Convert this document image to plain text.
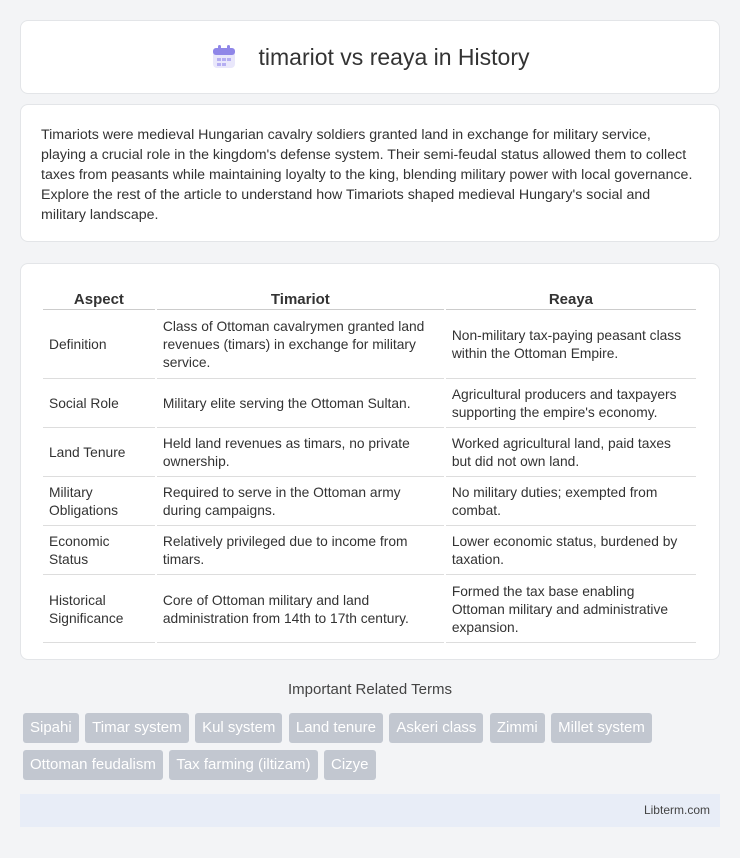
timariot vs reaya in History

Timariots were medieval Hungarian cavalry soldiers granted land in exchange for military service, playing a crucial role in the kingdom's defense system. Their semi-feudal status allowed them to collect taxes from peasants while maintaining loyalty to the king, blending military power with local governance. Explore the rest of the article to understand how Timariots shaped medieval Hungary's social and military landscape.

Aspect	Timariot	Reaya
Definition	Class of Ottoman cavalrymen granted land revenues (timars) in exchange for military service.	Non-military tax-paying peasant class within the Ottoman Empire.
Social Role	Military elite serving the Ottoman Sultan.	Agricultural producers and taxpayers supporting the empire's economy.
Land Tenure	Held land revenues as timars, no private ownership.	Worked agricultural land, paid taxes but did not own land.
Military Obligations	Required to serve in the Ottoman army during campaigns.	No military duties; exempted from combat.
Economic Status	Relatively privileged due to income from timars.	Lower economic status, burdened by taxation.
Historical Significance	Core of Ottoman military and land administration from 14th to 17th century.	Formed the tax base enabling Ottoman military and administrative expansion.
Important Related Terms
Sipahi Timar system Kul system Land tenure Askeri class Zimmi Millet system Ottoman feudalism Tax farming (iltizam) Cizye
Libterm.com
